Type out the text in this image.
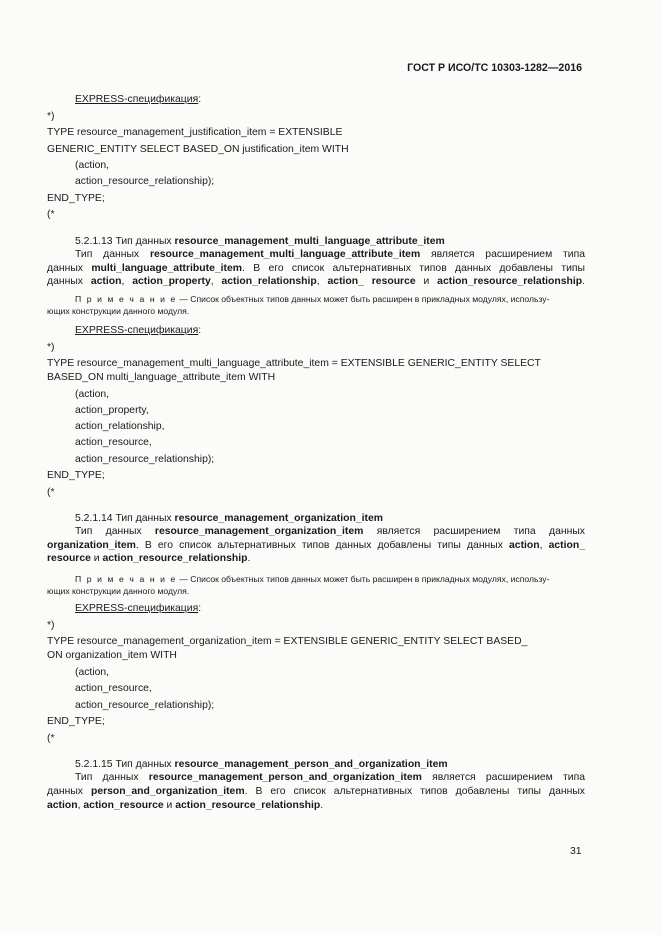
ГОСТ Р ИСО/ТС 10303-1282—2016
EXPRESS-спецификация:
*)
TYPE resource_management_justification_item = EXTENSIBLE
GENERIC_ENTITY SELECT BASED_ON justification_item WITH
(action,
action_resource_relationship);
END_TYPE;
(*
5.2.1.13 Тип данных resource_management_multi_language_attribute_item
Тип данных resource_management_multi_language_attribute_item является расширением типа
данных multi_language_attribute_item. В его список альтернативных типов данных добавлены типы
данных action, action_property, action_relationship, action_ resource и action_resource_relationship.
П р и м е ч а н и е — Список объектных типов данных может быть расширен в прикладных модулях, использу-
ющих конструкции данного модуля.
EXPRESS-спецификация:
*)
TYPE resource_management_multi_language_attribute_item = EXTENSIBLE GENERIC_ENTITY SELECT
BASED_ON multi_language_attribute_item WITH
(action,
action_property,
action_relationship,
action_resource,
action_resource_relationship);
END_TYPE;
(*
5.2.1.14 Тип данных resource_management_organization_item
Тип данных resource_management_organization_item является расширением типа данных
organization_item. В его список альтернативных типов данных добавлены типы данных action, action_
resource и action_resource_relationship.
П р и м е ч а н и е — Список объектных типов данных может быть расширен в прикладных модулях, использу-
ющих конструкции данного модуля.
EXPRESS-спецификация:
*)
TYPE resource_management_organization_item = EXTENSIBLE GENERIC_ENTITY SELECT BASED_
ON organization_item WITH
(action,
action_resource,
action_resource_relationship);
END_TYPE;
(*
5.2.1.15 Тип данных resource_management_person_and_organization_item
Тип данных resource_management_person_and_organization_item является расширением типа
данных person_and_organization_item. В его список альтернативных типов добавлены типы данных
action, action_resource и action_resource_relationship.
31
